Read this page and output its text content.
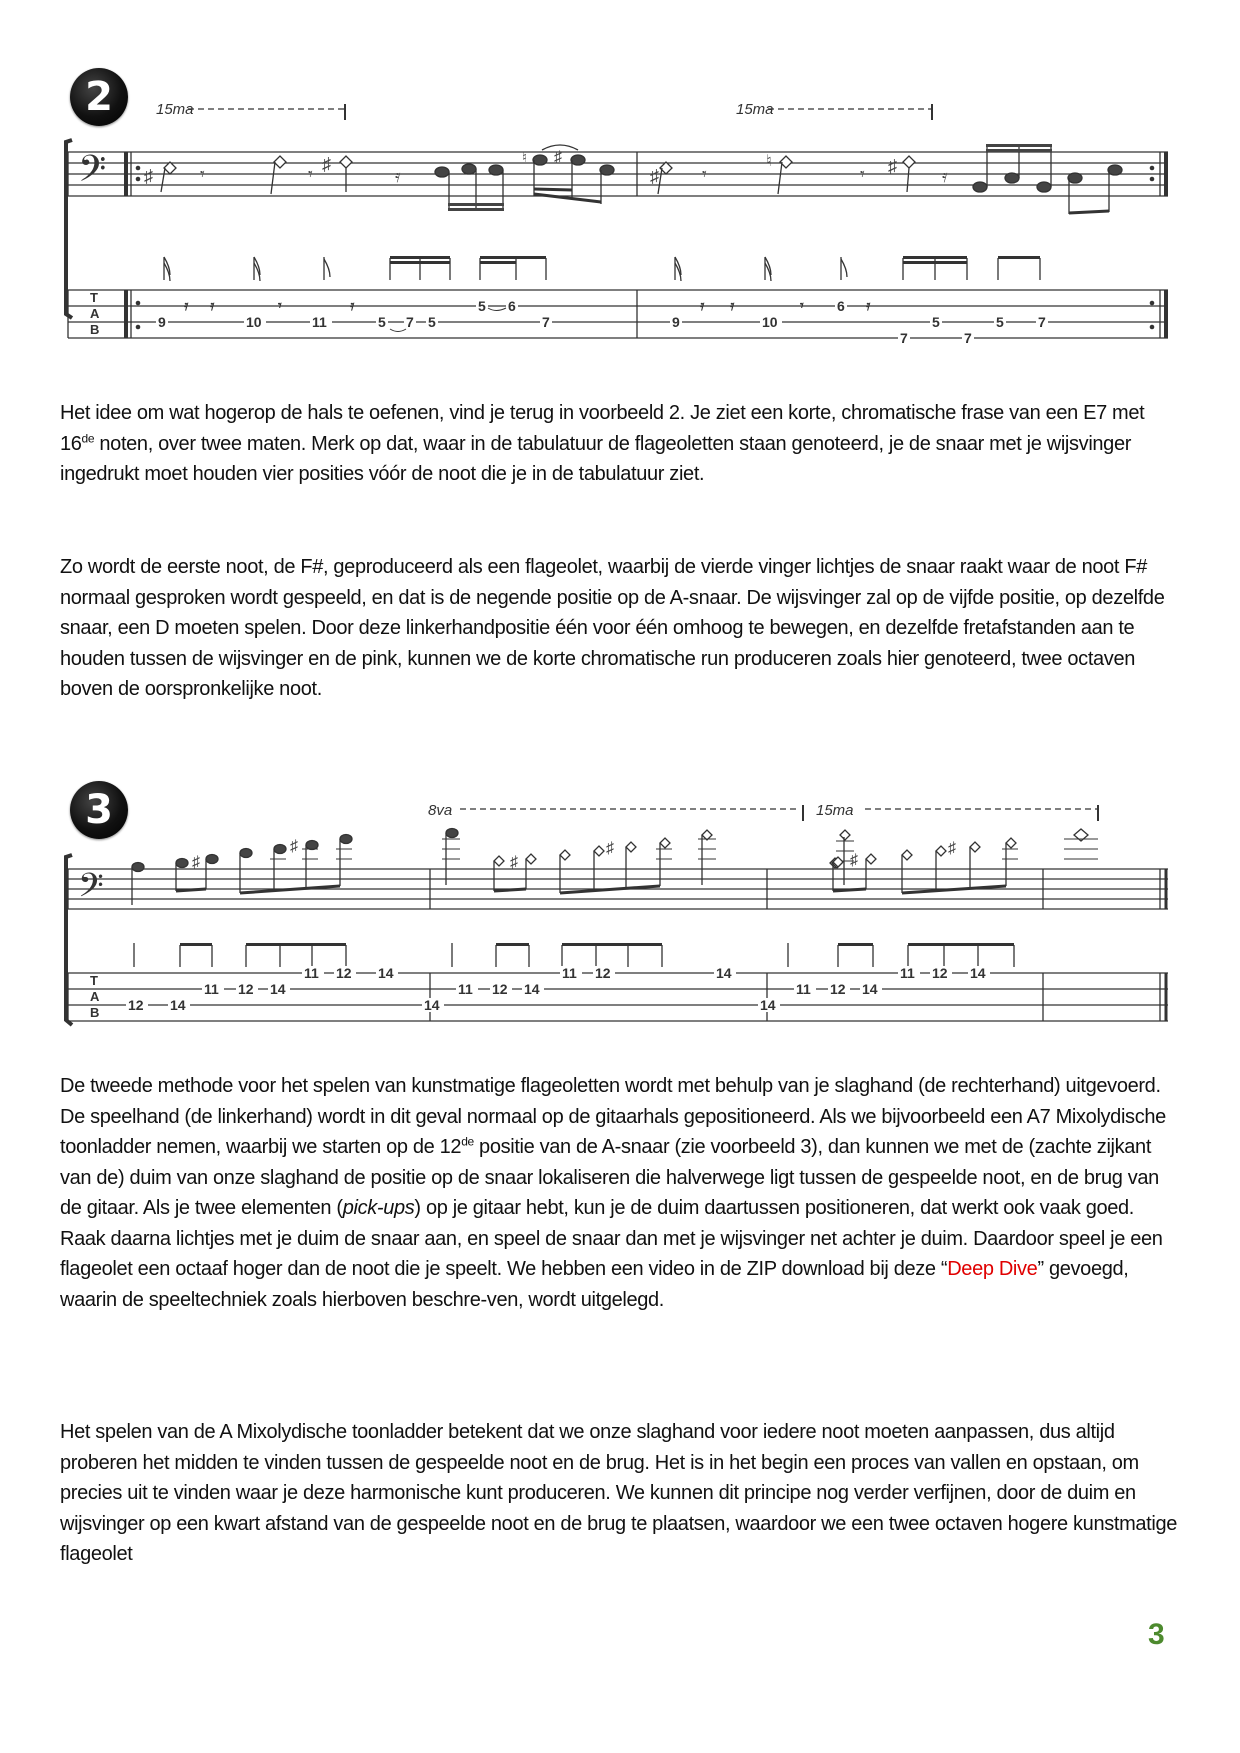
2
𝄢
15ma	15ma
T
A
B
♯	𝄾	𝄾 ♯
𝄿
♮ ♯
♯ 𝄾
♮
𝄾 ♯	𝄿
9
𝄿 𝄿
10
𝄾
11
𝄿
5 7 5
5 6
7	9
𝄿 𝄿
10
𝄾 6 𝄿
7
5
7
5 7
Het idee om wat hogerop de hals te oefenen, vind je terug in voorbeeld 2. Je ziet een korte, chromatische frase van een E7 met 16de noten, over twee maten. Merk op dat, waar in de tabulatuur de flageoletten staan genoteerd, je de snaar met je wijsvinger ingedrukt moet houden vier posities vóór de noot die je in de tabulatuur ziet.
Zo wordt de eerste noot, de F#, geproduceerd als een flageolet, waarbij de vierde vinger lichtjes de snaar raakt waar de noot F# normaal gesproken wordt gespeeld, en dat is de negende positie op de A-snaar. De wijsvinger zal op de vijfde positie, op dezelfde snaar, een D moeten spelen. Door deze linkerhandpositie één voor één omhoog te bewegen, en dezelfde fretafstanden aan te houden tussen de wijsvinger en de pink, kunnen we de korte chromatische run produceren zoals hier genoteerd, twee octaven boven de oorspronkelijke noot.
3
𝄢
8va	15ma
T
A
B
♯
♯
♯
♯
♯
♯
12 14
11 12 14
11 12 14
14
11 12 14
11 12	14
14
11 12 14
11 12 14
De tweede methode voor het spelen van kunstmatige flageoletten wordt met behulp van je slaghand (de rechterhand) uitgevoerd. De speelhand (de linkerhand) wordt in dit geval normaal op de gitaarhals gepositioneerd. Als we bijvoorbeeld een A7 Mixolydische toonladder nemen, waarbij we starten op de 12de positie van de A-snaar (zie voorbeeld 3), dan kunnen we met de (zachte zijkant van de) duim van onze slaghand de positie op de snaar lokaliseren die halverwege ligt tussen de gespeelde noot, en de brug van de gitaar. Als je twee elementen (pick-ups) op je gitaar hebt, kun je de duim daartussen positioneren, dat werkt ook vaak goed. Raak daarna lichtjes met je duim de snaar aan, en speel de snaar dan met je wijsvinger net achter je duim. Daardoor speel je een flageolet een octaaf hoger dan de noot die je speelt. We hebben een video in de ZIP download bij deze “Deep Dive” gevoegd, waarin de speeltechniek zoals hierboven beschre-ven, wordt uitgelegd.
Het spelen van de A Mixolydische toonladder betekent dat we onze slaghand voor iedere noot moeten aanpassen, dus altijd proberen het midden te vinden tussen de gespeelde noot en de brug. Het is in het begin een proces van vallen en opstaan, om precies uit te vinden waar je deze harmonische kunt produceren. We kunnen dit principe nog verder verfijnen, door de duim en wijsvinger op een kwart afstand van de gespeelde noot en de brug te plaatsen, waardoor we een twee octaven hogere kunstmatige flageolet
3
